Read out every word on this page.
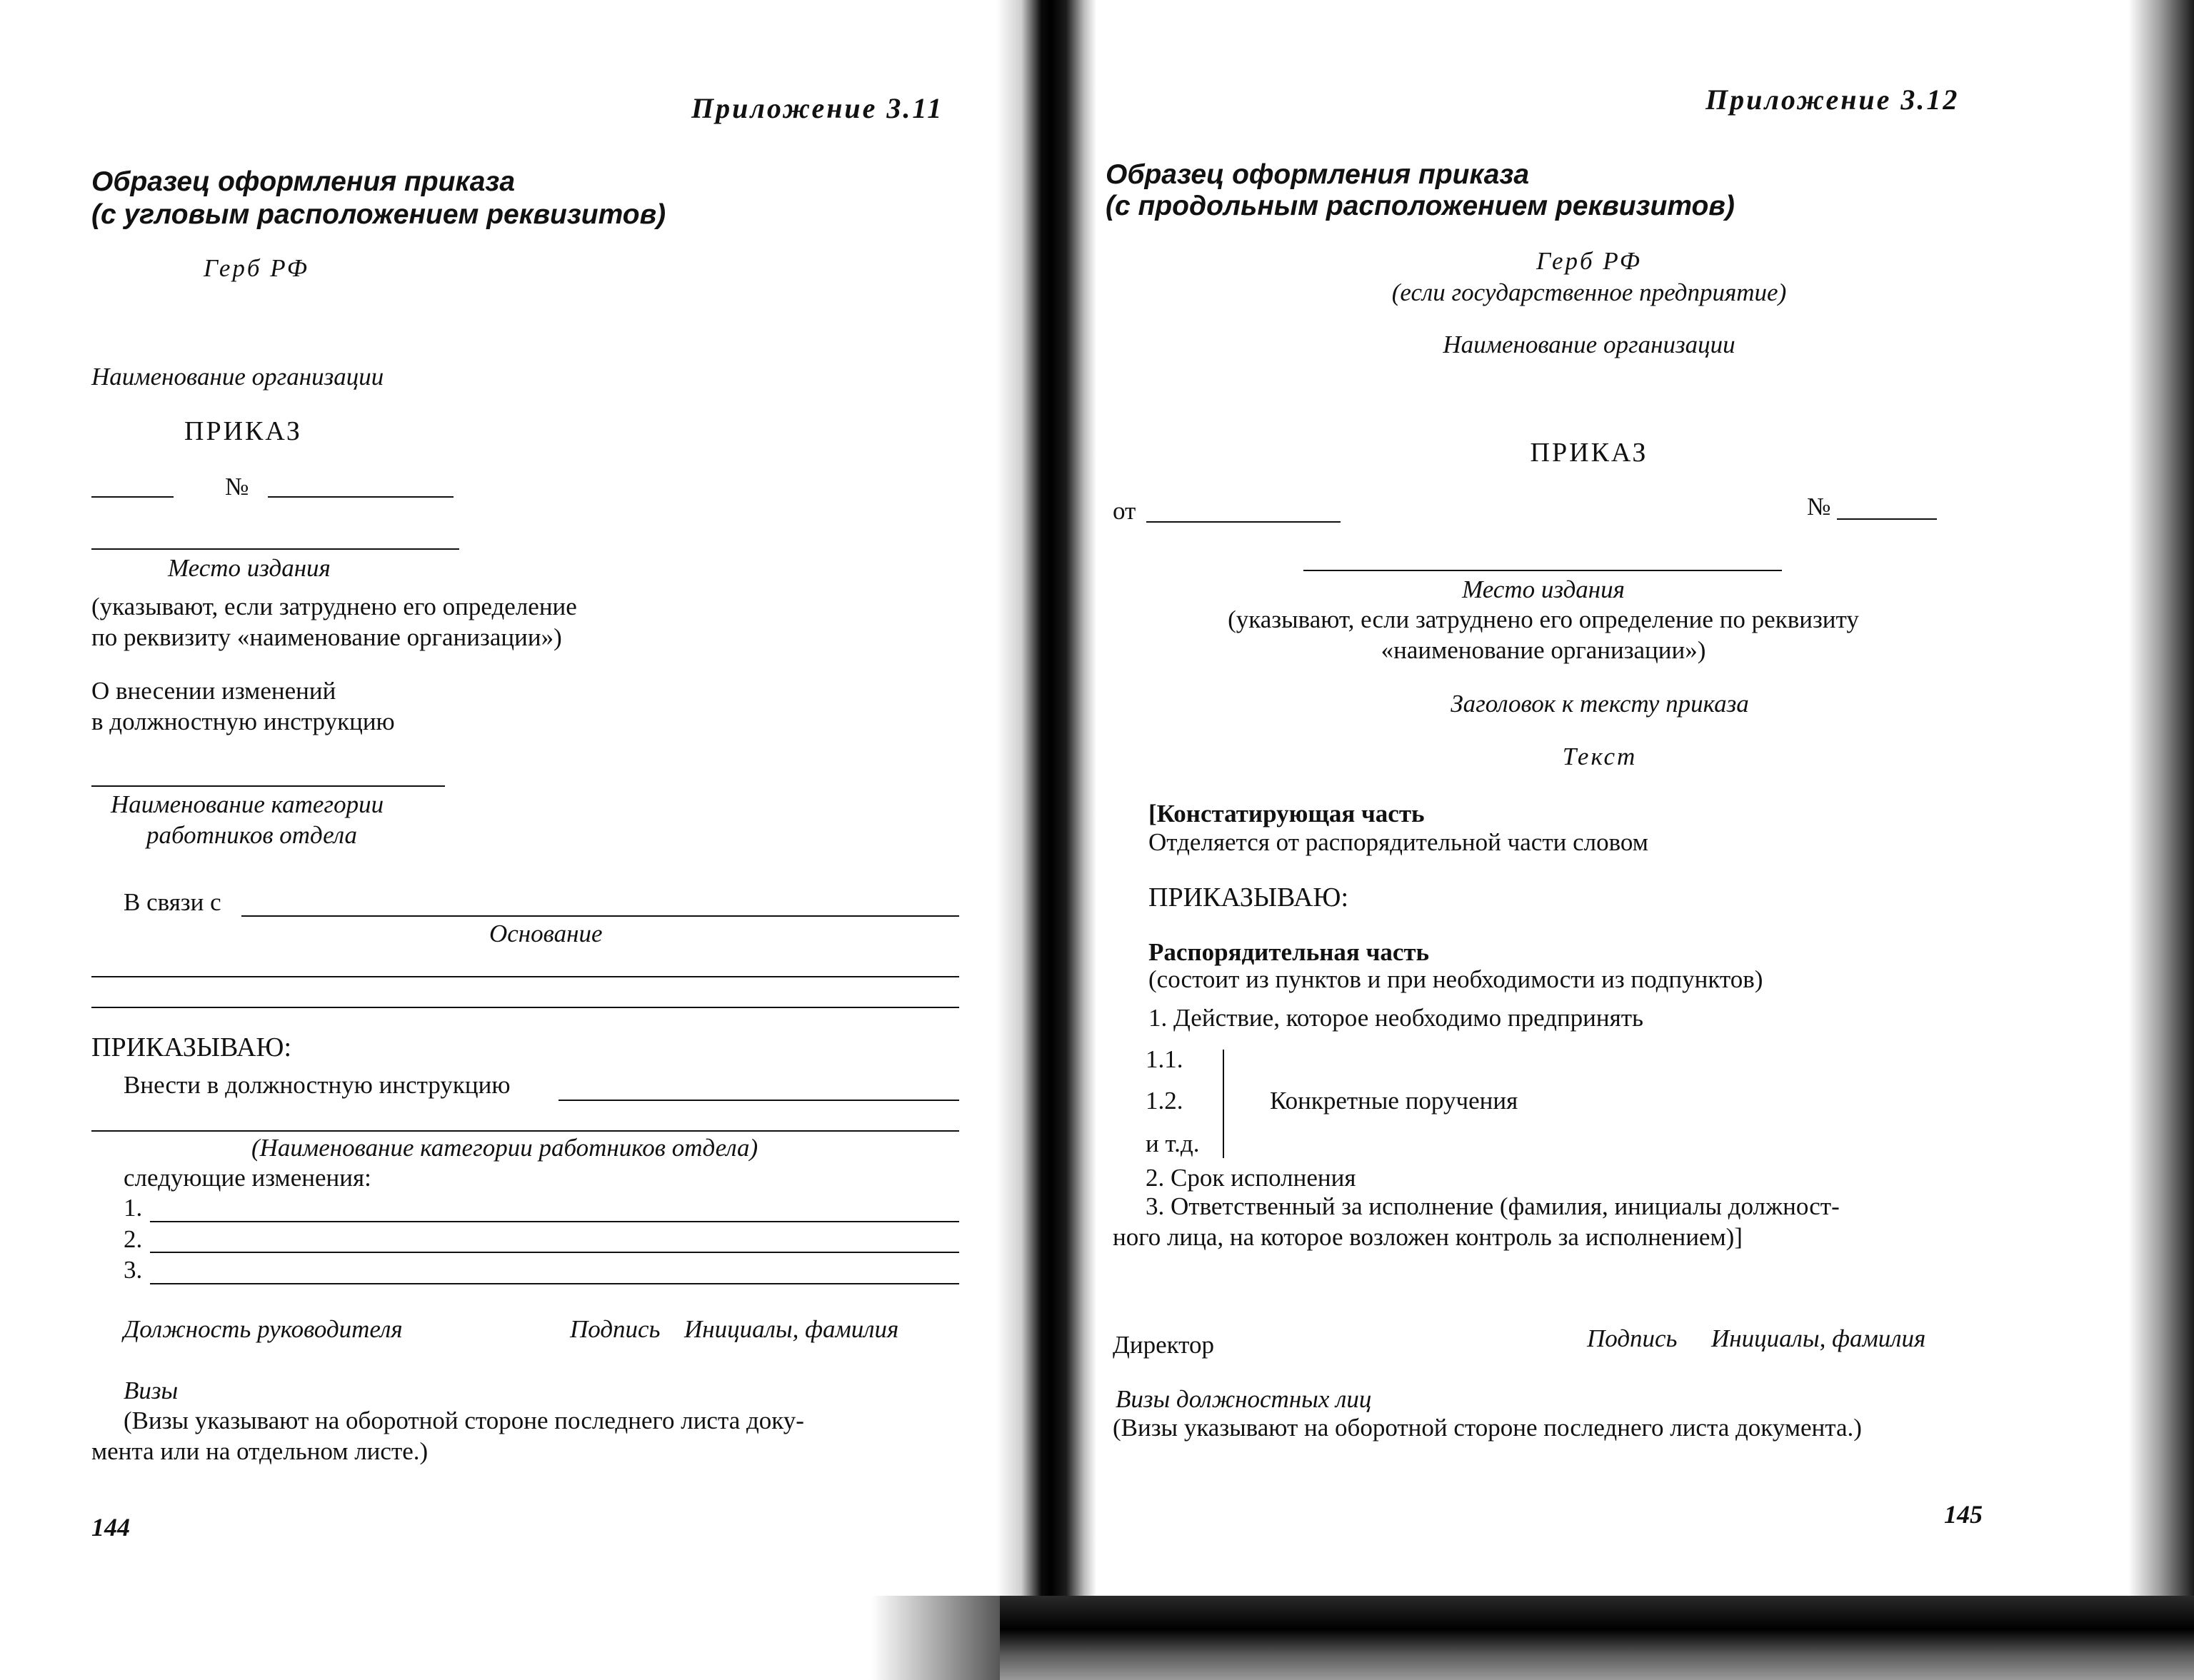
Приложение 3.11
Образец оформления приказа
(с угловым расположением реквизитов)
Герб РФ
Наименование организации
ПРИКАЗ
№
Место издания
(указывают, если затруднено его определение
по реквизиту «наименование организации»)
О внесении изменений
в должностную инструкцию
Наименование категории
работников отдела
В связи с
Основание
ПРИКАЗЫВАЮ:
Внести в должностную инструкцию
(Наименование категории работников отдела)
следующие изменения:
1.
2.
3.
Должность руководителя	Подпись Инициалы, фамилия
Визы
(Визы указывают на оборотной стороне последнего листа доку-
мента или на отдельном листе.)
144
Приложение 3.12
Образец оформления приказа
(с продольным расположением реквизитов)
Герб РФ
(если государственное предприятие)
Наименование организации
ПРИКАЗ
от	№
Место издания
(указывают, если затруднено его определение по реквизиту
«наименование организации»)
Заголовок к тексту приказа
Текст
[Констатирующая часть
Отделяется от распорядительной части словом
ПРИКАЗЫВАЮ:
Распорядительная часть
(состоит из пунктов и при необходимости из подпунктов)
1. Действие, которое необходимо предпринять
1.1.
1.2.
и т.д.
Конкретные поручения
2. Срок исполнения
3. Ответственный за исполнение (фамилия, инициалы должност-
ного лица, на которое возложен контроль за исполнением)]
Директор	Подпись Инициалы, фамилия
Визы должностных лиц
(Визы указывают на оборотной стороне последнего листа документа.)
145
